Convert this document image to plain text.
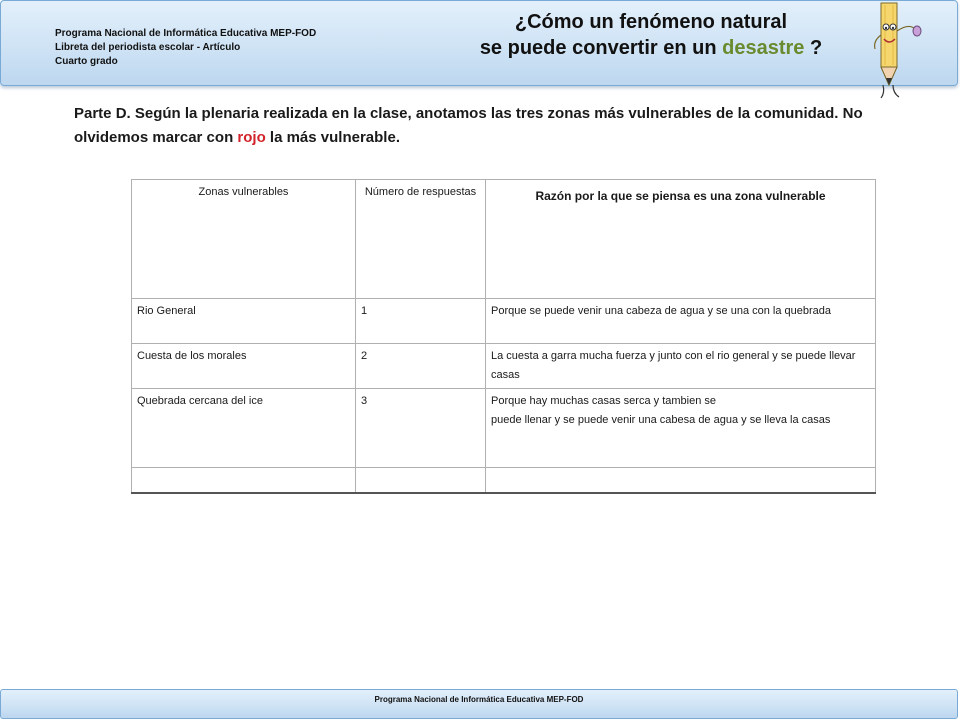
Programa Nacional de Informática Educativa MEP-FOD
Libreta del periodista escolar - Artículo
Cuarto grado
¿Cómo un fenómeno natural
se puede convertir en un desastre ?
Parte D. Según la plenaria realizada en la clase, anotamos las tres zonas más vulnerables de la comunidad. No olvidemos marcar con rojo la más vulnerable.
Zonas vulnerables	Número de respuestas	Razón por la que se piensa es una zona vulnerable
Rio General	1	Porque se puede venir una cabeza de agua y se una con la quebrada

Cuesta de los morales	2	La cuesta a garra mucha fuerza y junto con el rio general y se puede llevar casas

Quebrada cercana del ice	3	Porque hay muchas casas serca y tambien se
puede llenar y se puede venir una cabesa de agua y se lleva la casas

Programa Nacional de Informática Educativa MEP-FOD
